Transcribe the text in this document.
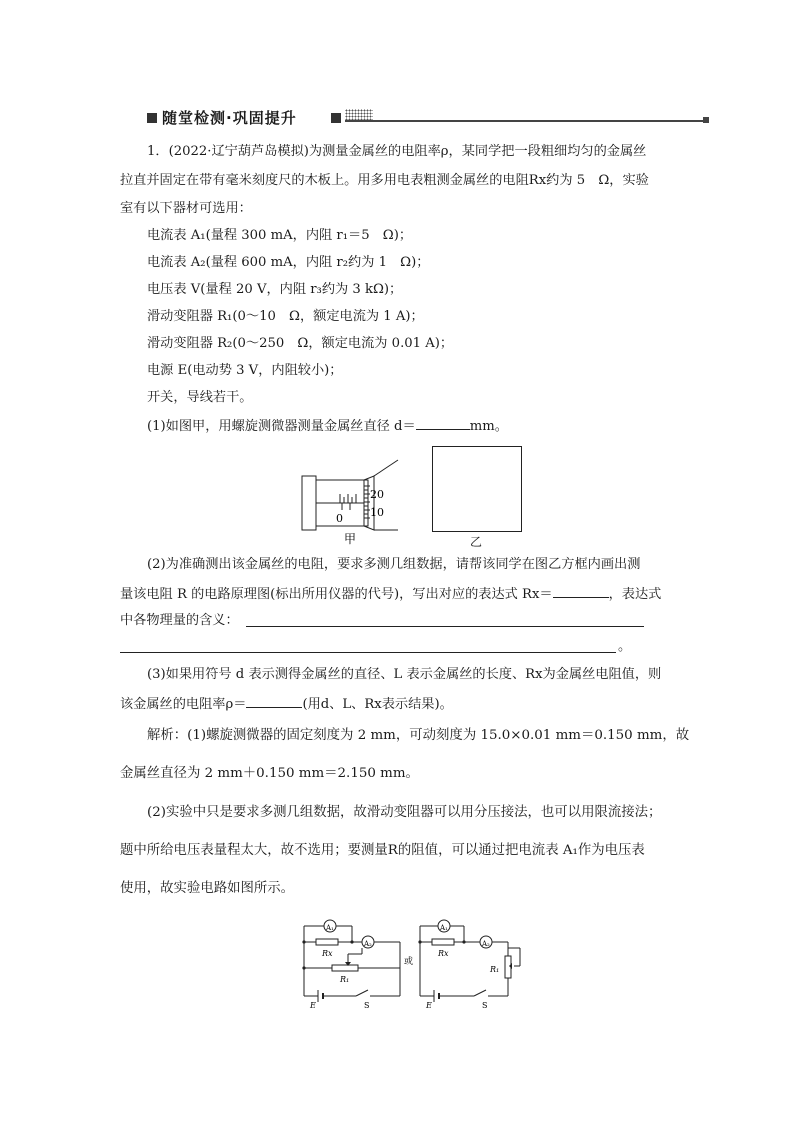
随堂检测·巩固提升
1．(2022·辽宁葫芦岛模拟)为测量金属丝的电阻率ρ，某同学把一段粗细均匀的金属丝
拉直并固定在带有毫米刻度尺的木板上。用多用电表粗测金属丝的电阻Rx约为 5　Ω，实验
室有以下器材可选用：
电流表 A₁(量程 300 mA，内阻 r₁＝5　Ω)；
电流表 A₂(量程 600 mA，内阻 r₂约为 1　Ω)；
电压表 V(量程 20 V，内阻 r₃约为 3 kΩ)；
滑动变阻器 R₁(0～10　Ω，额定电流为 1 A)；
滑动变阻器 R₂(0～250　Ω，额定电流为 0.01 A)；
电源 E(电动势 3 V，内阻较小)；
开关，导线若干。
(1)如图甲，用螺旋测微器测量金属丝直径 d＝	mm。
20
10
0
甲	乙
(2)为准确测出该金属丝的电阻，要求多测几组数据，请帮该同学在图乙方框内画出测
量该电阻 R 的电路原理图(标出所用仪器的代号)，写出对应的表达式 Rx＝	，表达式
中各物理量的含义：
。
(3)如果用符号 d 表示测得金属丝的直径、L 表示金属丝的长度、Rx为金属丝电阻值，则
该金属丝的电阻率ρ＝	(用d、L、Rx表示结果)。
解析：(1)螺旋测微器的固定刻度为 2 mm，可动刻度为 15.0×0.01 mm＝0.150 mm，故
金属丝直径为 2 mm＋0.150 mm＝2.150 mm。
(2)实验中只是要求多测几组数据，故滑动变阻器可以用分压接法，也可以用限流接法；
题中所给电压表量程太大，故不选用；要测量R的阻值，可以通过把电流表 A₁作为电压表
使用，故实验电路如图所示。
A₁
A₂
Rx
R₁
E	S
或
A₁
A₂
Rx
R₁
E	S
